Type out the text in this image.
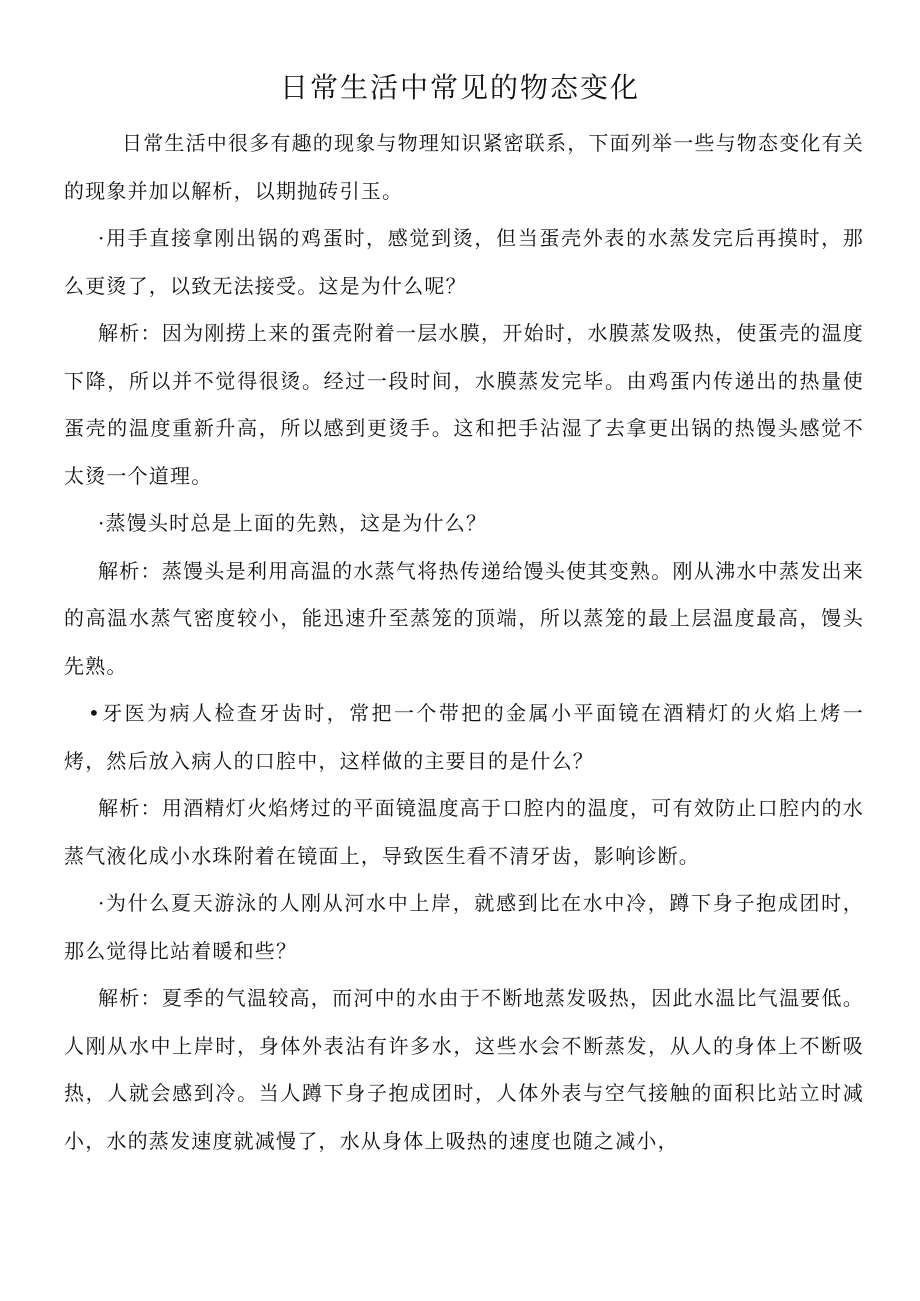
日常生活中常见的物态变化

日常生活中很多有趣的现象与物理知识紧密联系，下面列举一些与物态变化有关的现象并加以解析，以期抛砖引玉。

·用手直接拿刚出锅的鸡蛋时，感觉到烫，但当蛋壳外表的水蒸发完后再摸时，那么更烫了，以致无法接受。这是为什么呢？

解析：因为刚捞上来的蛋壳附着一层水膜，开始时，水膜蒸发吸热，使蛋壳的温度下降，所以并不觉得很烫。经过一段时间，水膜蒸发完毕。由鸡蛋内传递出的热量使蛋壳的温度重新升高，所以感到更烫手。这和把手沾湿了去拿更出锅的热馒头感觉不太烫一个道理。

·蒸馒头时总是上面的先熟，这是为什么？

解析：蒸馒头是利用高温的水蒸气将热传递给馒头使其变熟。刚从沸水中蒸发出来的高温水蒸气密度较小，能迅速升至蒸笼的顶端，所以蒸笼的最上层温度最高，馒头先熟。

•牙医为病人检查牙齿时，常把一个带把的金属小平面镜在酒精灯的火焰上烤一烤，然后放入病人的口腔中，这样做的主要目的是什么？

解析：用酒精灯火焰烤过的平面镜温度高于口腔内的温度，可有效防止口腔内的水蒸气液化成小水珠附着在镜面上，导致医生看不清牙齿，影响诊断。

·为什么夏天游泳的人刚从河水中上岸，就感到比在水中冷，蹲下身子抱成团时，那么觉得比站着暖和些？

解析：夏季的气温较高，而河中的水由于不断地蒸发吸热，因此水温比气温要低。人刚从水中上岸时，身体外表沾有许多水，这些水会不断蒸发，从人的身体上不断吸热，人就会感到冷。当人蹲下身子抱成团时，人体外表与空气接触的面积比站立时减小，水的蒸发速度就减慢了，水从身体上吸热的速度也随之减小，
